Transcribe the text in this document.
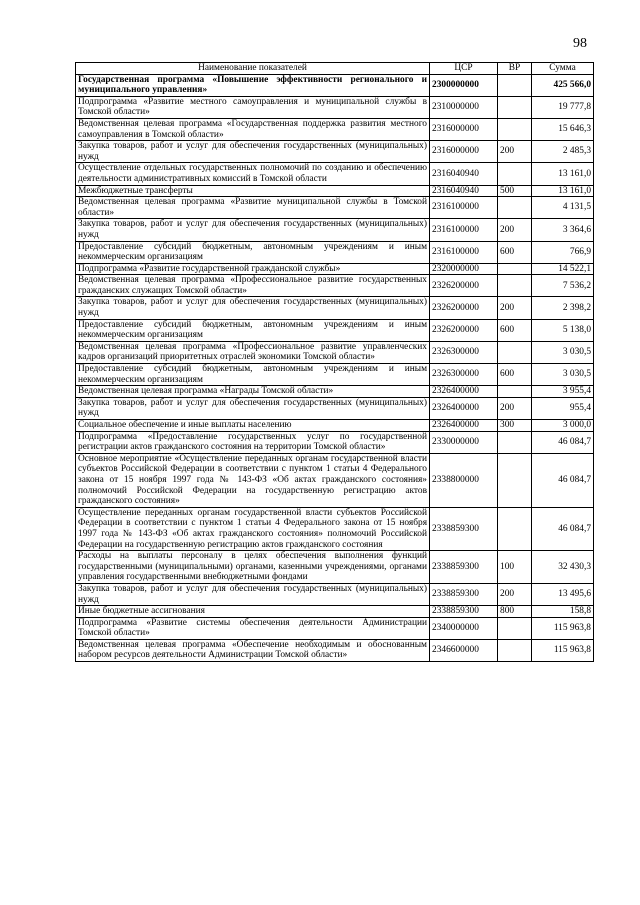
98
Наименование показателей	ЦСР	ВР	Сумма
Государственная программа «Повышение эффективности регионального и муниципального управления»	2300000000		425 566,0
Подпрограмма «Развитие местного самоуправления и муниципальной службы в Томской области»	2310000000		19 777,8
Ведомственная целевая программа «Государственная поддержка развития местного самоуправления в Томской области»	2316000000		15 646,3
Закупка товаров, работ и услуг для обеспечения государственных (муниципальных) нужд	2316000000	200	2 485,3
Осуществление отдельных государственных полномочий по созданию и обеспечению деятельности административных комиссий в Томской области	2316040940		13 161,0
Межбюджетные трансферты	2316040940	500	13 161,0
Ведомственная целевая программа «Развитие муниципальной службы в Томской области»	2316100000		4 131,5
Закупка товаров, работ и услуг для обеспечения государственных (муниципальных) нужд	2316100000	200	3 364,6
Предоставление субсидий бюджетным, автономным учреждениям и иным некоммерческим организациям	2316100000	600	766,9
Подпрограмма «Развитие государственной гражданской службы»	2320000000		14 522,1
Ведомственная целевая программа «Профессиональное развитие государственных гражданских служащих Томской области»	2326200000		7 536,2
Закупка товаров, работ и услуг для обеспечения государственных (муниципальных) нужд	2326200000	200	2 398,2
Предоставление субсидий бюджетным, автономным учреждениям и иным некоммерческим организациям	2326200000	600	5 138,0
Ведомственная целевая программа «Профессиональное развитие управленческих кадров организаций приоритетных отраслей экономики Томской области»	2326300000		3 030,5
Предоставление субсидий бюджетным, автономным учреждениям и иным некоммерческим организациям	2326300000	600	3 030,5
Ведомственная целевая программа «Награды Томской области»	2326400000		3 955,4
Закупка товаров, работ и услуг для обеспечения государственных (муниципальных) нужд	2326400000	200	955,4
Социальное обеспечение и иные выплаты населению	2326400000	300	3 000,0
Подпрограмма «Предоставление государственных услуг по государственной регистрации актов гражданского состояния на территории Томской области»	2330000000		46 084,7
Основное мероприятие «Осуществление переданных органам государственной власти субъектов Российской Федерации в соответствии с пунктом 1 статьи 4 Федерального закона от 15 ноября 1997 года № 143-ФЗ «Об актах гражданского состояния» полномочий Российской Федерации на государственную регистрацию актов гражданского состояния»	2338800000		46 084,7
Осуществление переданных органам государственной власти субъектов Российской Федерации в соответствии с пунктом 1 статьи 4 Федерального закона от 15 ноября 1997 года № 143-ФЗ «Об актах гражданского состояния» полномочий Российской Федерации на государственную регистрацию актов гражданского состояния	2338859300		46 084,7
Расходы на выплаты персоналу в целях обеспечения выполнения функций государственными (муниципальными) органами, казенными учреждениями, органами управления государственными внебюджетными фондами	2338859300	100	32 430,3
Закупка товаров, работ и услуг для обеспечения государственных (муниципальных) нужд	2338859300	200	13 495,6
Иные бюджетные ассигнования	2338859300	800	158,8
Подпрограмма «Развитие системы обеспечения деятельности Администрации Томской области»	2340000000		115 963,8
Ведомственная целевая программа «Обеспечение необходимым и обоснованным набором ресурсов деятельности Администрации Томской области»	2346600000		115 963,8
